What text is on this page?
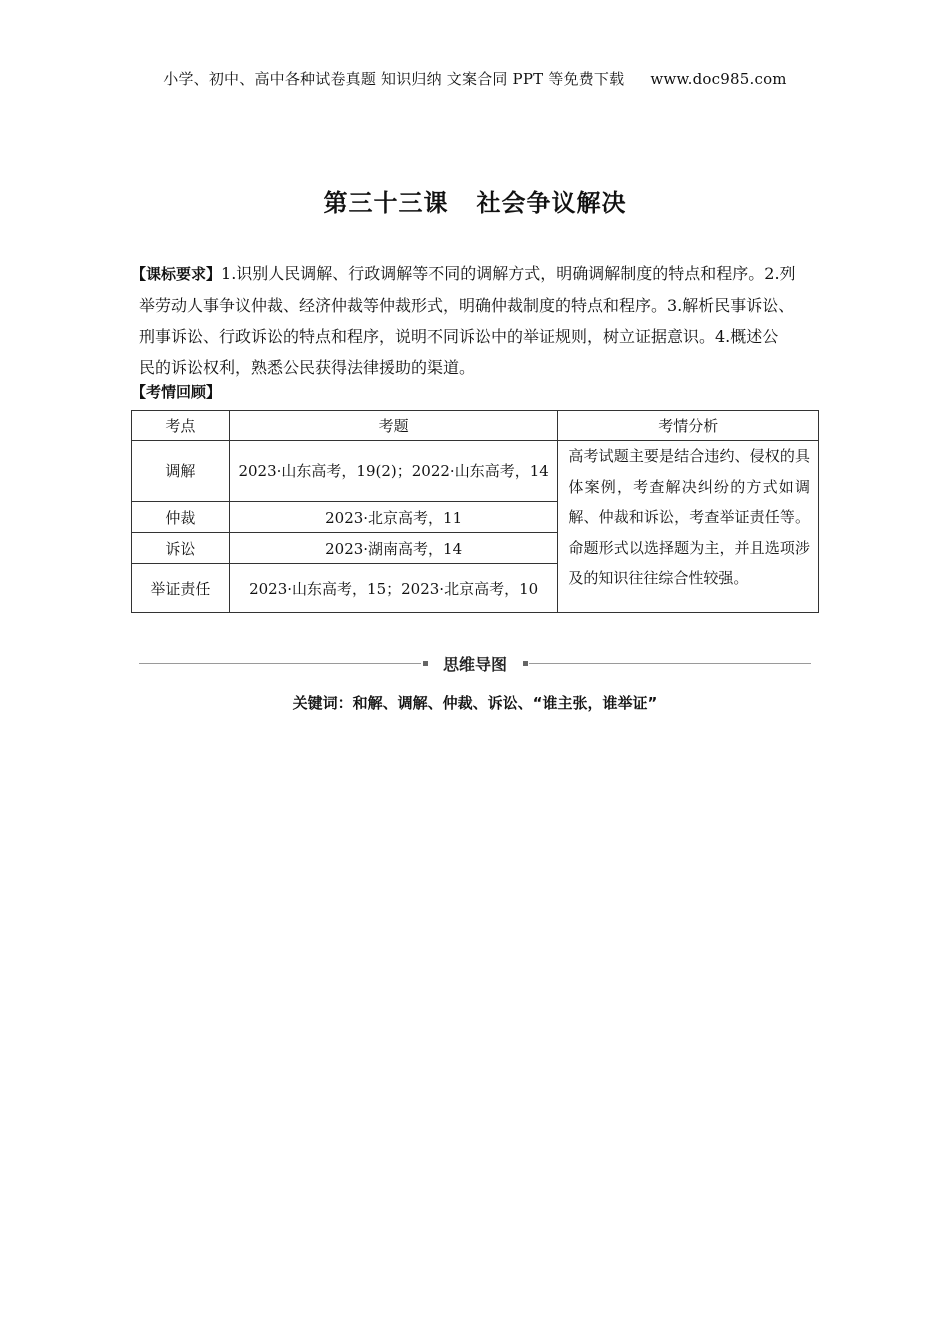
小学、初中、高中各种试卷真题 知识归纳 文案合同 PPT 等免费下载 www.doc985.com
第三十三课 社会争议解决

【课标要求】1.识别人民调解、行政调解等不同的调解方式，明确调解制度的特点和程序。2.列

举劳动人事争议仲裁、经济仲裁等仲裁形式，明确仲裁制度的特点和程序。3.解析民事诉讼、

刑事诉讼、行政诉讼的特点和程序，说明不同诉讼中的举证规则，树立证据意识。4.概述公

民的诉讼权利，熟悉公民获得法律援助的渠道。

【考情回顾】
考点	考题	考情分析
调解	2023·山东高考，19(2)；2022·山东高考，14	高考试题主要是结合违约、侵权的具体案例，考查解决纠纷的方式如调解、仲裁和诉讼，考查举证责任等。命题形式以选择题为主，并且选项涉及的知识往往综合性较强。
仲裁	2023·北京高考，11	
诉讼	2023·湖南高考，14	
举证责任	2023·山东高考，15；2023·北京高考，10	
思维导图
关键词：和解、调解、仲裁、诉讼、“谁主张，谁举证”
